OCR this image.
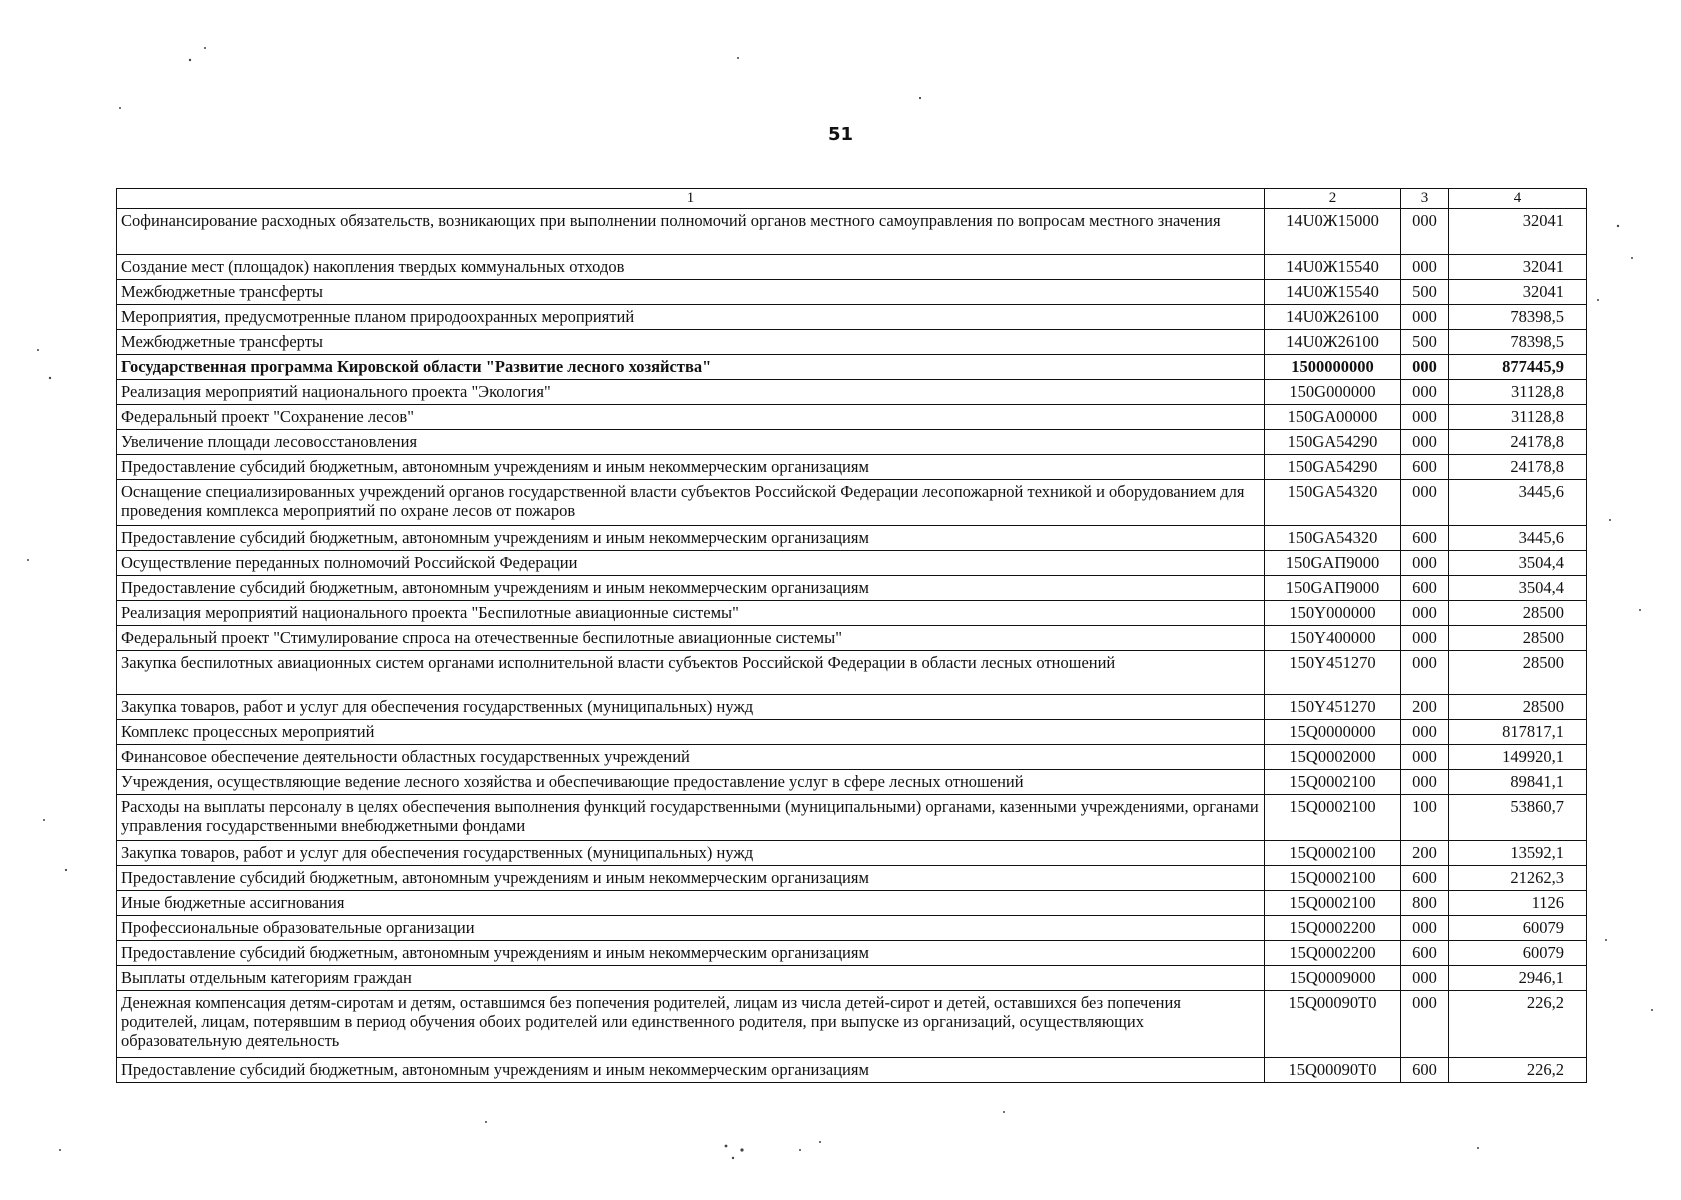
51
1	2	3	4
Софинансирование расходных обязательств, возникающих при выполнении полномочий органов местного самоуправления по вопросам местного значения	14U0Ж15000	000	32041
Создание мест (площадок) накопления твердых коммунальных отходов	14U0Ж15540	000	32041
Межбюджетные трансферты	14U0Ж15540	500	32041
Мероприятия, предусмотренные планом природоохранных мероприятий	14U0Ж26100	000	78398,5
Межбюджетные трансферты	14U0Ж26100	500	78398,5
Государственная программа Кировской области "Развитие лесного хозяйства"	1500000000	000	877445,9
Реализация мероприятий национального проекта "Экология"	150G000000	000	31128,8
Федеральный проект "Сохранение лесов"	150GA00000	000	31128,8
Увеличение площади лесовосстановления	150GA54290	000	24178,8
Предоставление субсидий бюджетным, автономным учреждениям и иным некоммерческим организациям	150GA54290	600	24178,8
Оснащение специализированных учреждений органов государственной власти субъектов Российской Федерации лесопожарной техникой и оборудованием для проведения комплекса мероприятий по охране лесов от пожаров	150GA54320	000	3445,6
Предоставление субсидий бюджетным, автономным учреждениям и иным некоммерческим организациям	150GA54320	600	3445,6
Осуществление переданных полномочий Российской Федерации	150GAП9000	000	3504,4
Предоставление субсидий бюджетным, автономным учреждениям и иным некоммерческим организациям	150GAП9000	600	3504,4
Реализация мероприятий национального проекта "Беспилотные авиационные системы"	150Y000000	000	28500
Федеральный проект "Стимулирование спроса на отечественные беспилотные авиационные системы"	150Y400000	000	28500
Закупка беспилотных авиационных систем органами исполнительной власти субъектов Российской Федерации в области лесных отношений	150Y451270	000	28500
Закупка товаров, работ и услуг для обеспечения государственных (муниципальных) нужд	150Y451270	200	28500
Комплекс процессных мероприятий	15Q0000000	000	817817,1
Финансовое обеспечение деятельности областных государственных учреждений	15Q0002000	000	149920,1
Учреждения, осуществляющие ведение лесного хозяйства и обеспечивающие предоставление услуг в сфере лесных отношений	15Q0002100	000	89841,1
Расходы на выплаты персоналу в целях обеспечения выполнения функций государственными (муниципальными) органами, казенными учреждениями, органами управления государственными внебюджетными фондами	15Q0002100	100	53860,7
Закупка товаров, работ и услуг для обеспечения государственных (муниципальных) нужд	15Q0002100	200	13592,1
Предоставление субсидий бюджетным, автономным учреждениям и иным некоммерческим организациям	15Q0002100	600	21262,3
Иные бюджетные ассигнования	15Q0002100	800	1126
Профессиональные образовательные организации	15Q0002200	000	60079
Предоставление субсидий бюджетным, автономным учреждениям и иным некоммерческим организациям	15Q0002200	600	60079
Выплаты отдельным категориям граждан	15Q0009000	000	2946,1
Денежная компенсация детям-сиротам и детям, оставшимся без попечения родителей, лицам из числа детей-сирот и детей, оставшихся без попечения родителей, лицам, потерявшим в период обучения обоих родителей или единственного родителя, при выпуске из организаций, осуществляющих образовательную деятельность	15Q00090T0	000	226,2
Предоставление субсидий бюджетным, автономным учреждениям и иным некоммерческим организациям	15Q00090T0	600	226,2
